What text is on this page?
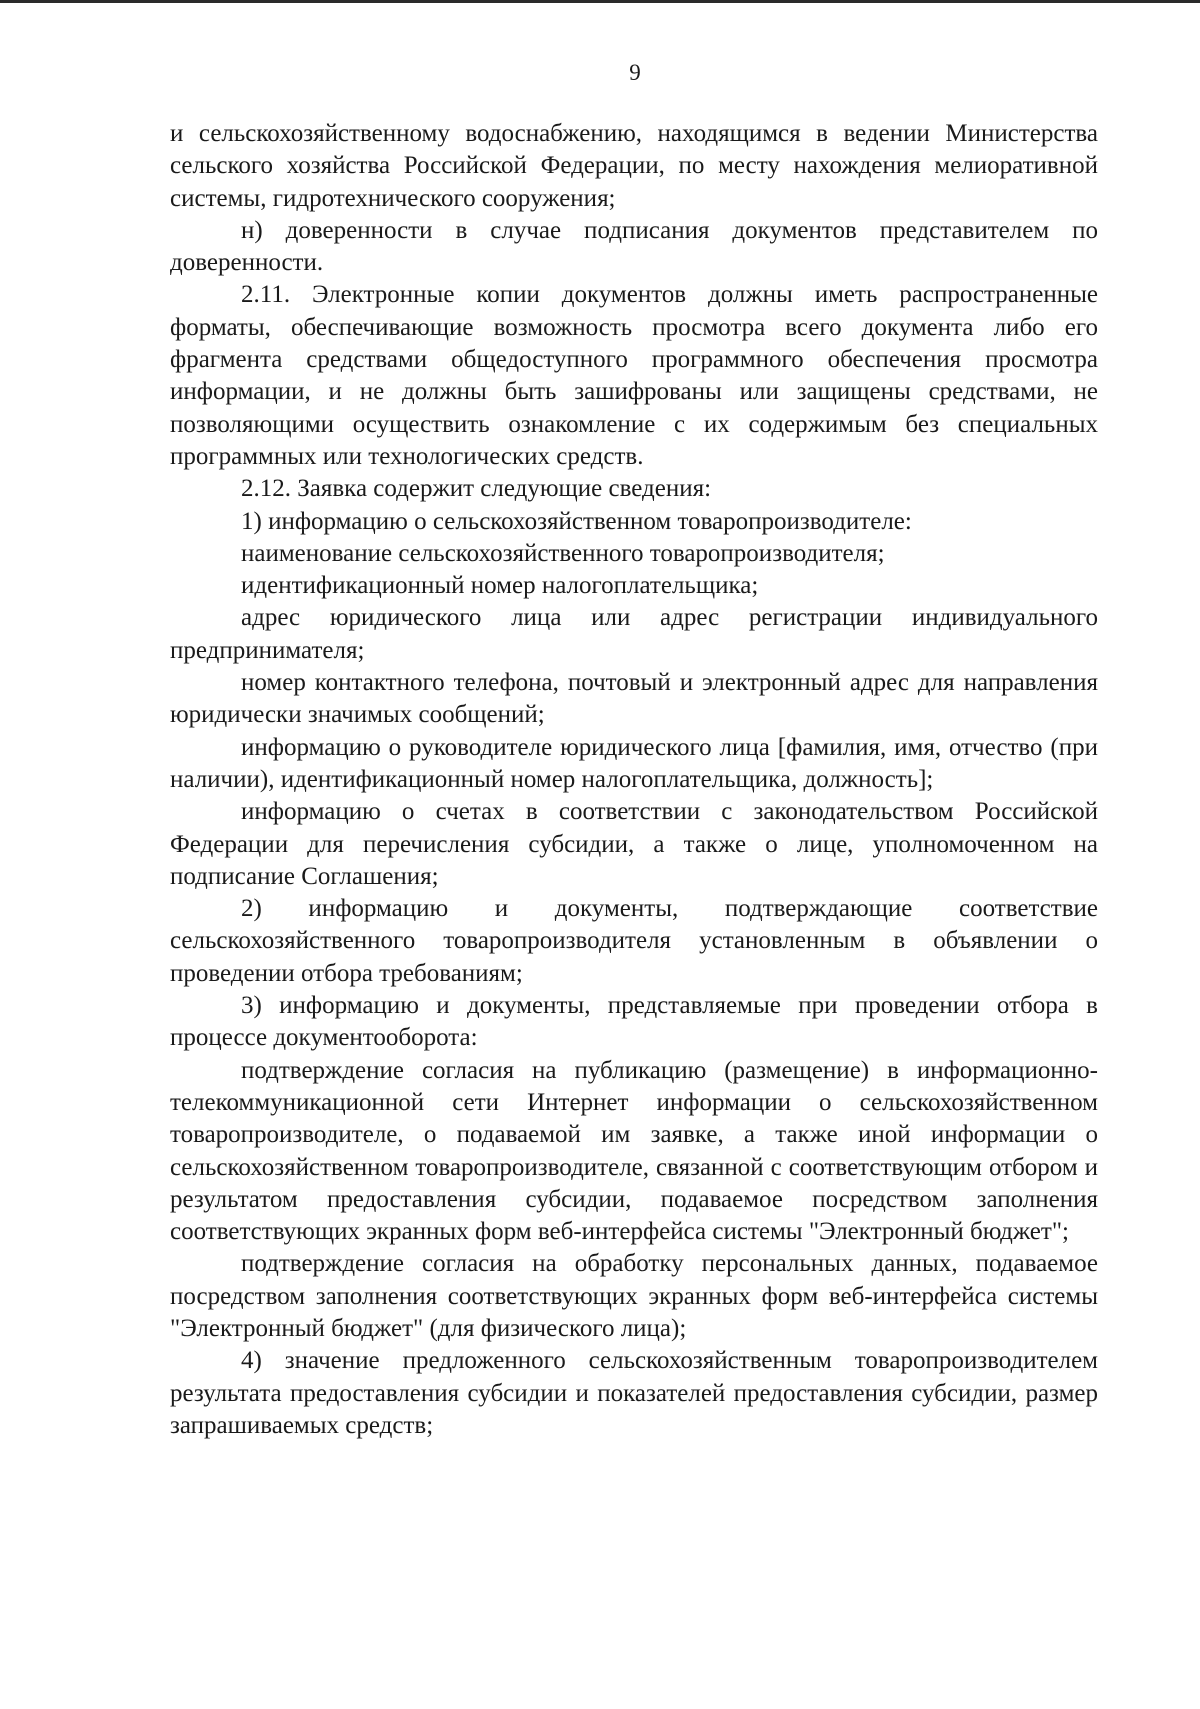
9

и сельскохозяйственному водоснабжению, находящимся в ведении Министерства сельского хозяйства Российской Федерации, по месту нахождения мелиоративной системы, гидротехнического сооружения;

н) доверенности в случае подписания документов представителем по доверенности.

2.11. Электронные копии документов должны иметь распространенные форматы, обеспечивающие возможность просмотра всего документа либо его фрагмента средствами общедоступного программного обеспечения просмотра информации, и не должны быть зашифрованы или защищены средствами, не позволяющими осуществить ознакомление с их содержимым без специальных программных или технологических средств.

2.12. Заявка содержит следующие сведения:

1) информацию о сельскохозяйственном товаропроизводителе:

наименование сельскохозяйственного товаропроизводителя;

идентификационный номер налогоплательщика;

адрес юридического лица или адрес регистрации индивидуального предпринимателя;

номер контактного телефона, почтовый и электронный адрес для направления юридически значимых сообщений;

информацию о руководителе юридического лица [фамилия, имя, отчество (при наличии), идентификационный номер налогоплательщика, должность];

информацию о счетах в соответствии с законодательством Российской Федерации для перечисления субсидии, а также о лице, уполномоченном на подписание Соглашения;

2) информацию и документы, подтверждающие соответствие сельскохозяйственного товаропроизводителя установленным в объявлении о проведении отбора требованиям;

3) информацию и документы, представляемые при проведении отбора в процессе документооборота:

подтверждение согласия на публикацию (размещение) в информационно-телекоммуникационной сети Интернет информации о сельскохозяйственном товаропроизводителе, о подаваемой им заявке, а также иной информации о сельскохозяйственном товаропроизводителе, связанной с соответствующим отбором и результатом предоставления субсидии, подаваемое посредством заполнения соответствующих экранных форм веб-интерфейса системы "Электронный бюджет";

подтверждение согласия на обработку персональных данных, подаваемое посредством заполнения соответствующих экранных форм веб-интерфейса системы "Электронный бюджет" (для физического лица);

4) значение предложенного сельскохозяйственным товаропроизводителем результата предоставления субсидии и показателей предоставления субсидии, размер запрашиваемых средств;
